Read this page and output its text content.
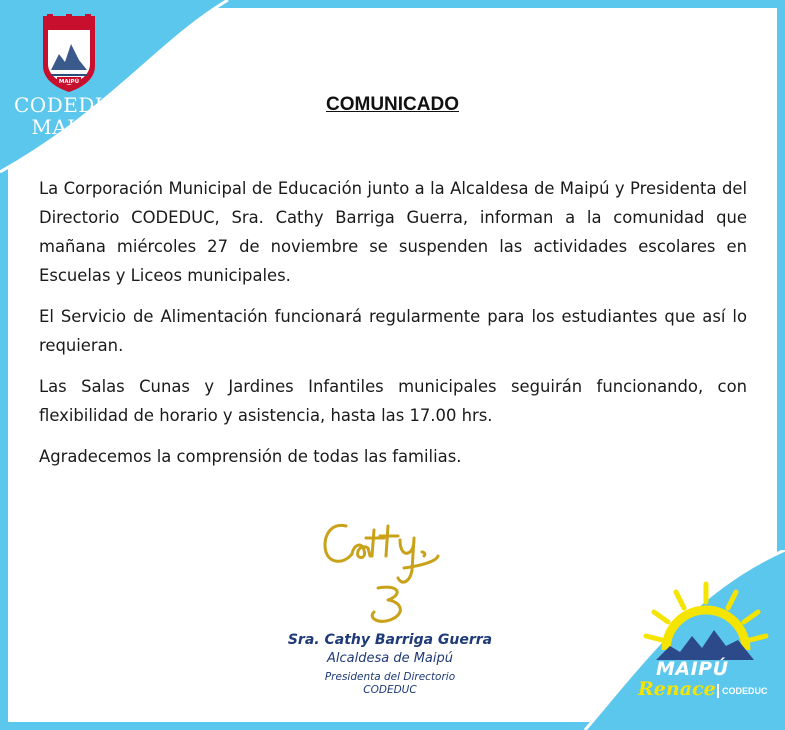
MAIPÚ
CODEDUC
MAIPÚ
COMUNICADO

La Corporación Municipal de Educación junto a la Alcaldesa de Maipú y Presidenta del Directorio CODEDUC, Sra. Cathy Barriga Guerra, informan a la comunidad que mañana miércoles 27 de noviembre se suspenden las actividades escolares en Escuelas y Liceos municipales.

El Servicio de Alimentación funcionará regularmente para los estudiantes que así lo requieran.

Las Salas Cunas y Jardines Infantiles municipales seguirán funcionando, con flexibilidad de horario y asistencia, hasta las 17.00 hrs.

Agradecemos la comprensión de todas las familias.

Sra. Cathy Barriga Guerra
Alcaldesa de Maipú
Presidenta del Directorio
CODEDUC
MAIPÚ
Renace CODEDUC
